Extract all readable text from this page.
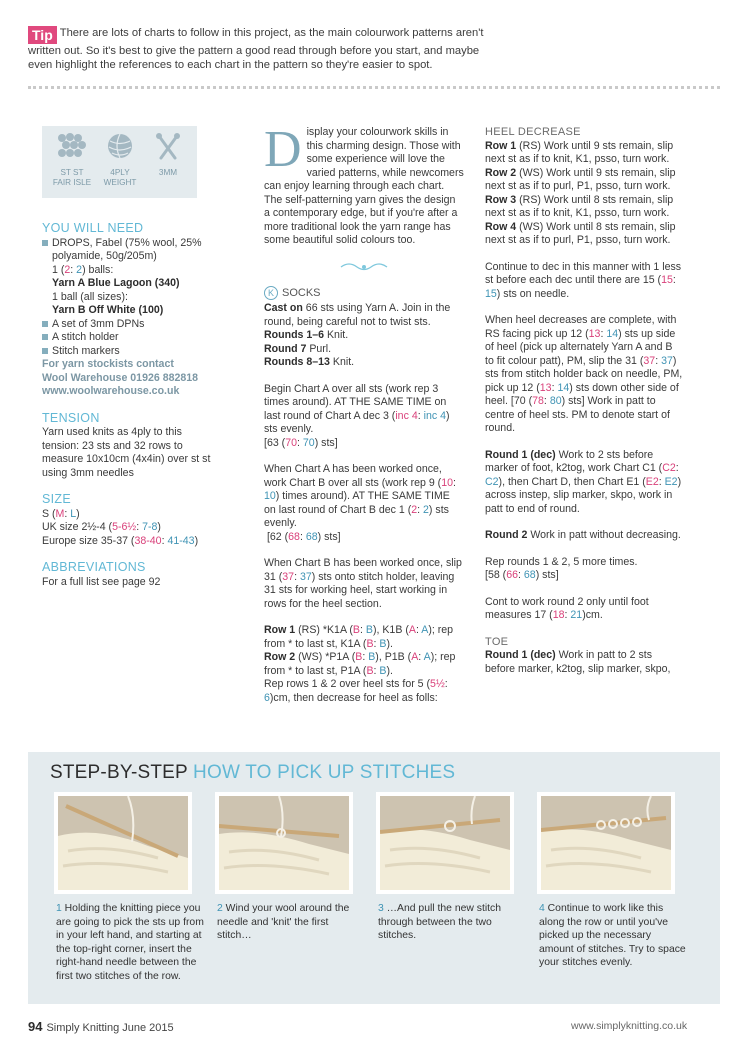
Tip There are lots of charts to follow in this project, as the main colourwork patterns aren't written out. So it's best to give the pattern a good read through before you start, and maybe even highlight the references to each chart in the pattern so they're easier to spot.
ST ST
FAIR ISLE
4PLY
WEIGHT
3MM
YOU WILL NEED
DROPS, Fabel (75% wool, 25% polyamide, 50g/205m)
1 (2: 2) balls:
Yarn A Blue Lagoon (340)
1 ball (all sizes):
Yarn B Off White (100)
A set of 3mm DPNs
A stitch holder
Stitch markers
For yarn stockists contact
Wool Warehouse 01926 882818
www.woolwarehouse.co.uk
TENSION
Yarn used knits as 4ply to this tension: 23 sts and 32 rows to measure 10x10cm (4x4in) over st st using 3mm needles
SIZE
S (M: L)
UK size 2½-4 (5-6½: 7-8)
Europe size 35-37 (38-40: 41-43)
ABBREVIATIONS
For a full list see page 92

Display your colourwork skills in this charming design. Those with some experience will love the varied patterns, while newcomers can enjoy learning through each chart. The self-patterning yarn gives the design a contemporary edge, but if you're after a more traditional look the yarn range has some beautiful solid colours too.

K SOCKS
Cast on 66 sts using Yarn A. Join in the round, being careful not to twist sts.
Rounds 1–6 Knit.
Round 7 Purl.

Rounds 8–13 Knit.

Begin Chart A over all sts (work rep 3 times around). AT THE SAME TIME on last round of Chart A dec 3 (inc 4: inc 4) sts evenly.
[63 (70: 70) sts]

When Chart A has been worked once, work Chart B over all sts (work rep 9 (10: 10) times around). AT THE SAME TIME on last round of Chart B dec 1 (2: 2) sts evenly.
[62 (68: 68) sts]

When Chart B has been worked once, slip 31 (37: 37) sts onto stitch holder, leaving 31 sts for working heel, start working in rows for the heel section.

Row 1 (RS) *K1A (B: B), K1B (A: A); rep from * to last st, K1A (B: B).
Row 2 (WS) *P1A (B: B), P1B (A: A); rep from * to last st, P1A (B: B).
Rep rows 1 & 2 over heel sts for 5 (5½: 6)cm, then decrease for heel as folls:
HEEL DECREASE
Row 1 (RS) Work until 9 sts remain, slip next st as if to knit, K1, psso, turn work.
Row 2 (WS) Work until 9 sts remain, slip next st as if to purl, P1, psso, turn work.
Row 3 (RS) Work until 8 sts remain, slip next st as if to knit, K1, psso, turn work.

Row 4 (WS) Work until 8 sts remain, slip next st as if to purl, P1, psso, turn work.

Continue to dec in this manner with 1 less st before each dec until there are 15 (15: 15) sts on needle.

When heel decreases are complete, with RS facing pick up 12 (13: 14) sts up side of heel (pick up alternately Yarn A and B to fit colour patt), PM, slip the 31 (37: 37) sts from stitch holder back on needle, PM, pick up 12 (13: 14) sts down other side of heel. [70 (78: 80) sts] Work in patt to centre of heel sts. PM to denote start of round.

Round 1 (dec) Work to 2 sts before marker of foot, k2tog, work Chart C1 (C2: C2), then Chart D, then Chart E1 (E2: E2) across instep, slip marker, skpo, work in patt to end of round.

Round 2 Work in patt without decreasing.

Rep rounds 1 & 2, 5 more times.
[58 (66: 68) sts]

Cont to work round 2 only until foot measures 17 (18: 21)cm.

TOE
Round 1 (dec) Work in patt to 2 sts before marker, k2tog, slip marker, skpo,
STEP-BY-STEP HOW TO PICK UP STITCHES
1 Holding the knitting piece you are going to pick the sts up from in your left hand, and starting at the top-right corner, insert the right-hand needle between the first two stitches of the row.
2 Wind your wool around the needle and 'knit' the first stitch…
3 …And pull the new stitch through between the two stitches.
4 Continue to work like this along the row or until you've picked up the necessary amount of stitches. Try to space your stitches evenly.
94 Simply Knitting June 2015	www.simplyknitting.co.uk
